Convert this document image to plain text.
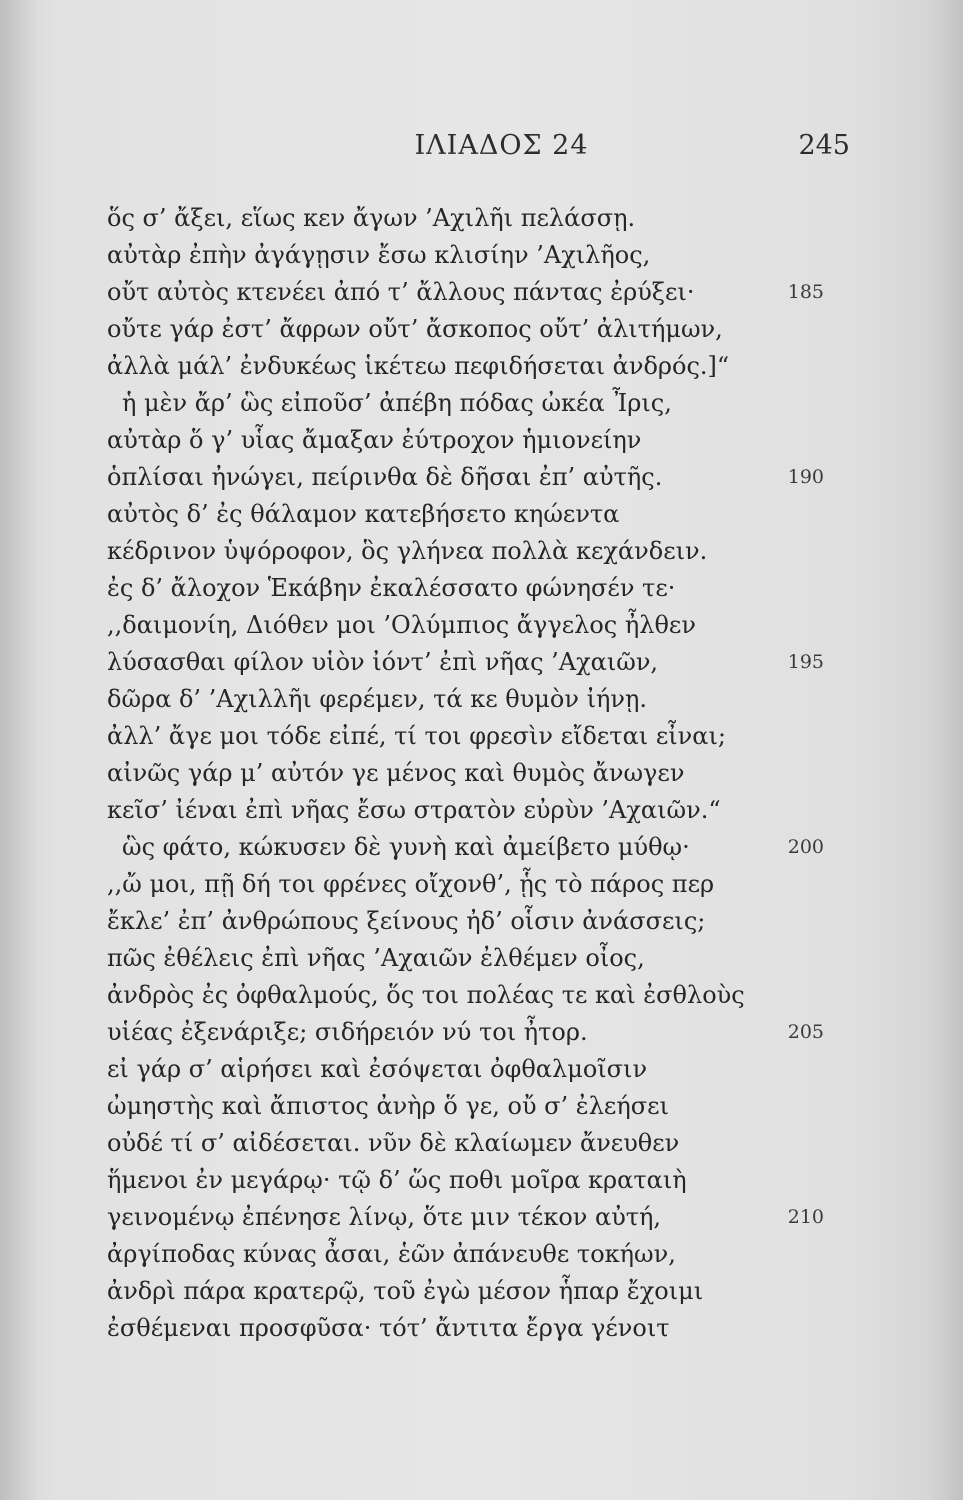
ΙΛΙΑΔΟΣ 24	245
ὅς σ’ ἄξει, εἵως κεν ἄγων ’Αχιλῆι πελάσσῃ.
αὐτὰρ ἐπὴν ἀγάγῃσιν ἔσω κλισίην ’Αχιλῆος,
οὔτ αὐτὸς κτενέει ἀπό τ’ ἄλλους πάντας ἐρύξει·
οὔτε γάρ ἐστ’ ἄφρων οὔτ’ ἄσκοπος οὔτ’ ἀλιτήμων,
ἀλλὰ μάλ’ ἐνδυκέως ἱκέτεω πεφιδήσεται ἀνδρός.]“
ἡ μὲν ἄρ’ ὣς εἰποῦσ’ ἀπέβη πόδας ὠκέα Ἶρις,
αὐτὰρ ὅ γ’ υἷας ἄμαξαν ἐύτροχον ἡμιονείην
ὁπλίσαι ἠνώγει, πείρινθα δὲ δῆσαι ἐπ’ αὐτῆς.
αὐτὸς δ’ ἐς θάλαμον κατεβήσετο κηώεντα
κέδρινον ὑψόροφον, ὃς γλήνεα πολλὰ κεχάνδειν.
ἐς δ’ ἄλοχον Ἑκάβην ἐκαλέσσατο φώνησέν τε·
,,δαιμονίη, Διόθεν μοι ’Ολύμπιος ἄγγελος ἦλθεν
λύσασθαι φίλον υἱὸν ἰόντ’ ἐπὶ νῆας ’Αχαιῶν,
δῶρα δ’ ’Αχιλλῆι φερέμεν, τά κε θυμὸν ἰήνῃ.
ἀλλ’ ἄγε μοι τόδε εἰπέ, τί τοι φρεσὶν εἴδεται εἶναι;
αἰνῶς γάρ μ’ αὐτόν γε μένος καὶ θυμὸς ἄνωγεν
κεῖσ’ ἰέναι ἐπὶ νῆας ἔσω στρατὸν εὐρὺν ’Αχαιῶν.“
ὣς φάτο, κώκυσεν δὲ γυνὴ καὶ ἀμείβετο μύθῳ·
,,ὤ μοι, πῇ δή τοι φρένες οἴχονθ’, ᾗς τὸ πάρος περ
ἔκλε’ ἐπ’ ἀνθρώπους ξείνους ἠδ’ οἷσιν ἀνάσσεις;
πῶς ἐθέλεις ἐπὶ νῆας ’Αχαιῶν ἐλθέμεν οἶος,
ἀνδρὸς ἐς ὀφθαλμούς, ὅς τοι πολέας τε καὶ ἐσθλοὺς
υἱέας ἐξενάριξε; σιδήρειόν νύ τοι ἦτορ.
εἰ γάρ σ’ αἱρήσει καὶ ἐσόψεται ὀφθαλμοῖσιν
ὠμηστὴς καὶ ἄπιστος ἀνὴρ ὅ γε, οὔ σ’ ἐλεήσει
οὐδέ τί σ’ αἰδέσεται. νῦν δὲ κλαίωμεν ἄνευθεν
ἥμενοι ἐν μεγάρῳ· τῷ δ’ ὥς ποθι μοῖρα κραταιὴ
γεινομένῳ ἐπένησε λίνῳ, ὅτε μιν τέκον αὐτή,
ἀργίποδας κύνας ἆσαι, ἑῶν ἀπάνευθε τοκήων,
ἀνδρὶ πάρα κρατερῷ, τοῦ ἐγὼ μέσον ἧπαρ ἔχοιμι
ἐσθέμεναι προσφῦσα· τότ’ ἄντιτα ἔργα γένοιτ
185
190
195
200
205
210
